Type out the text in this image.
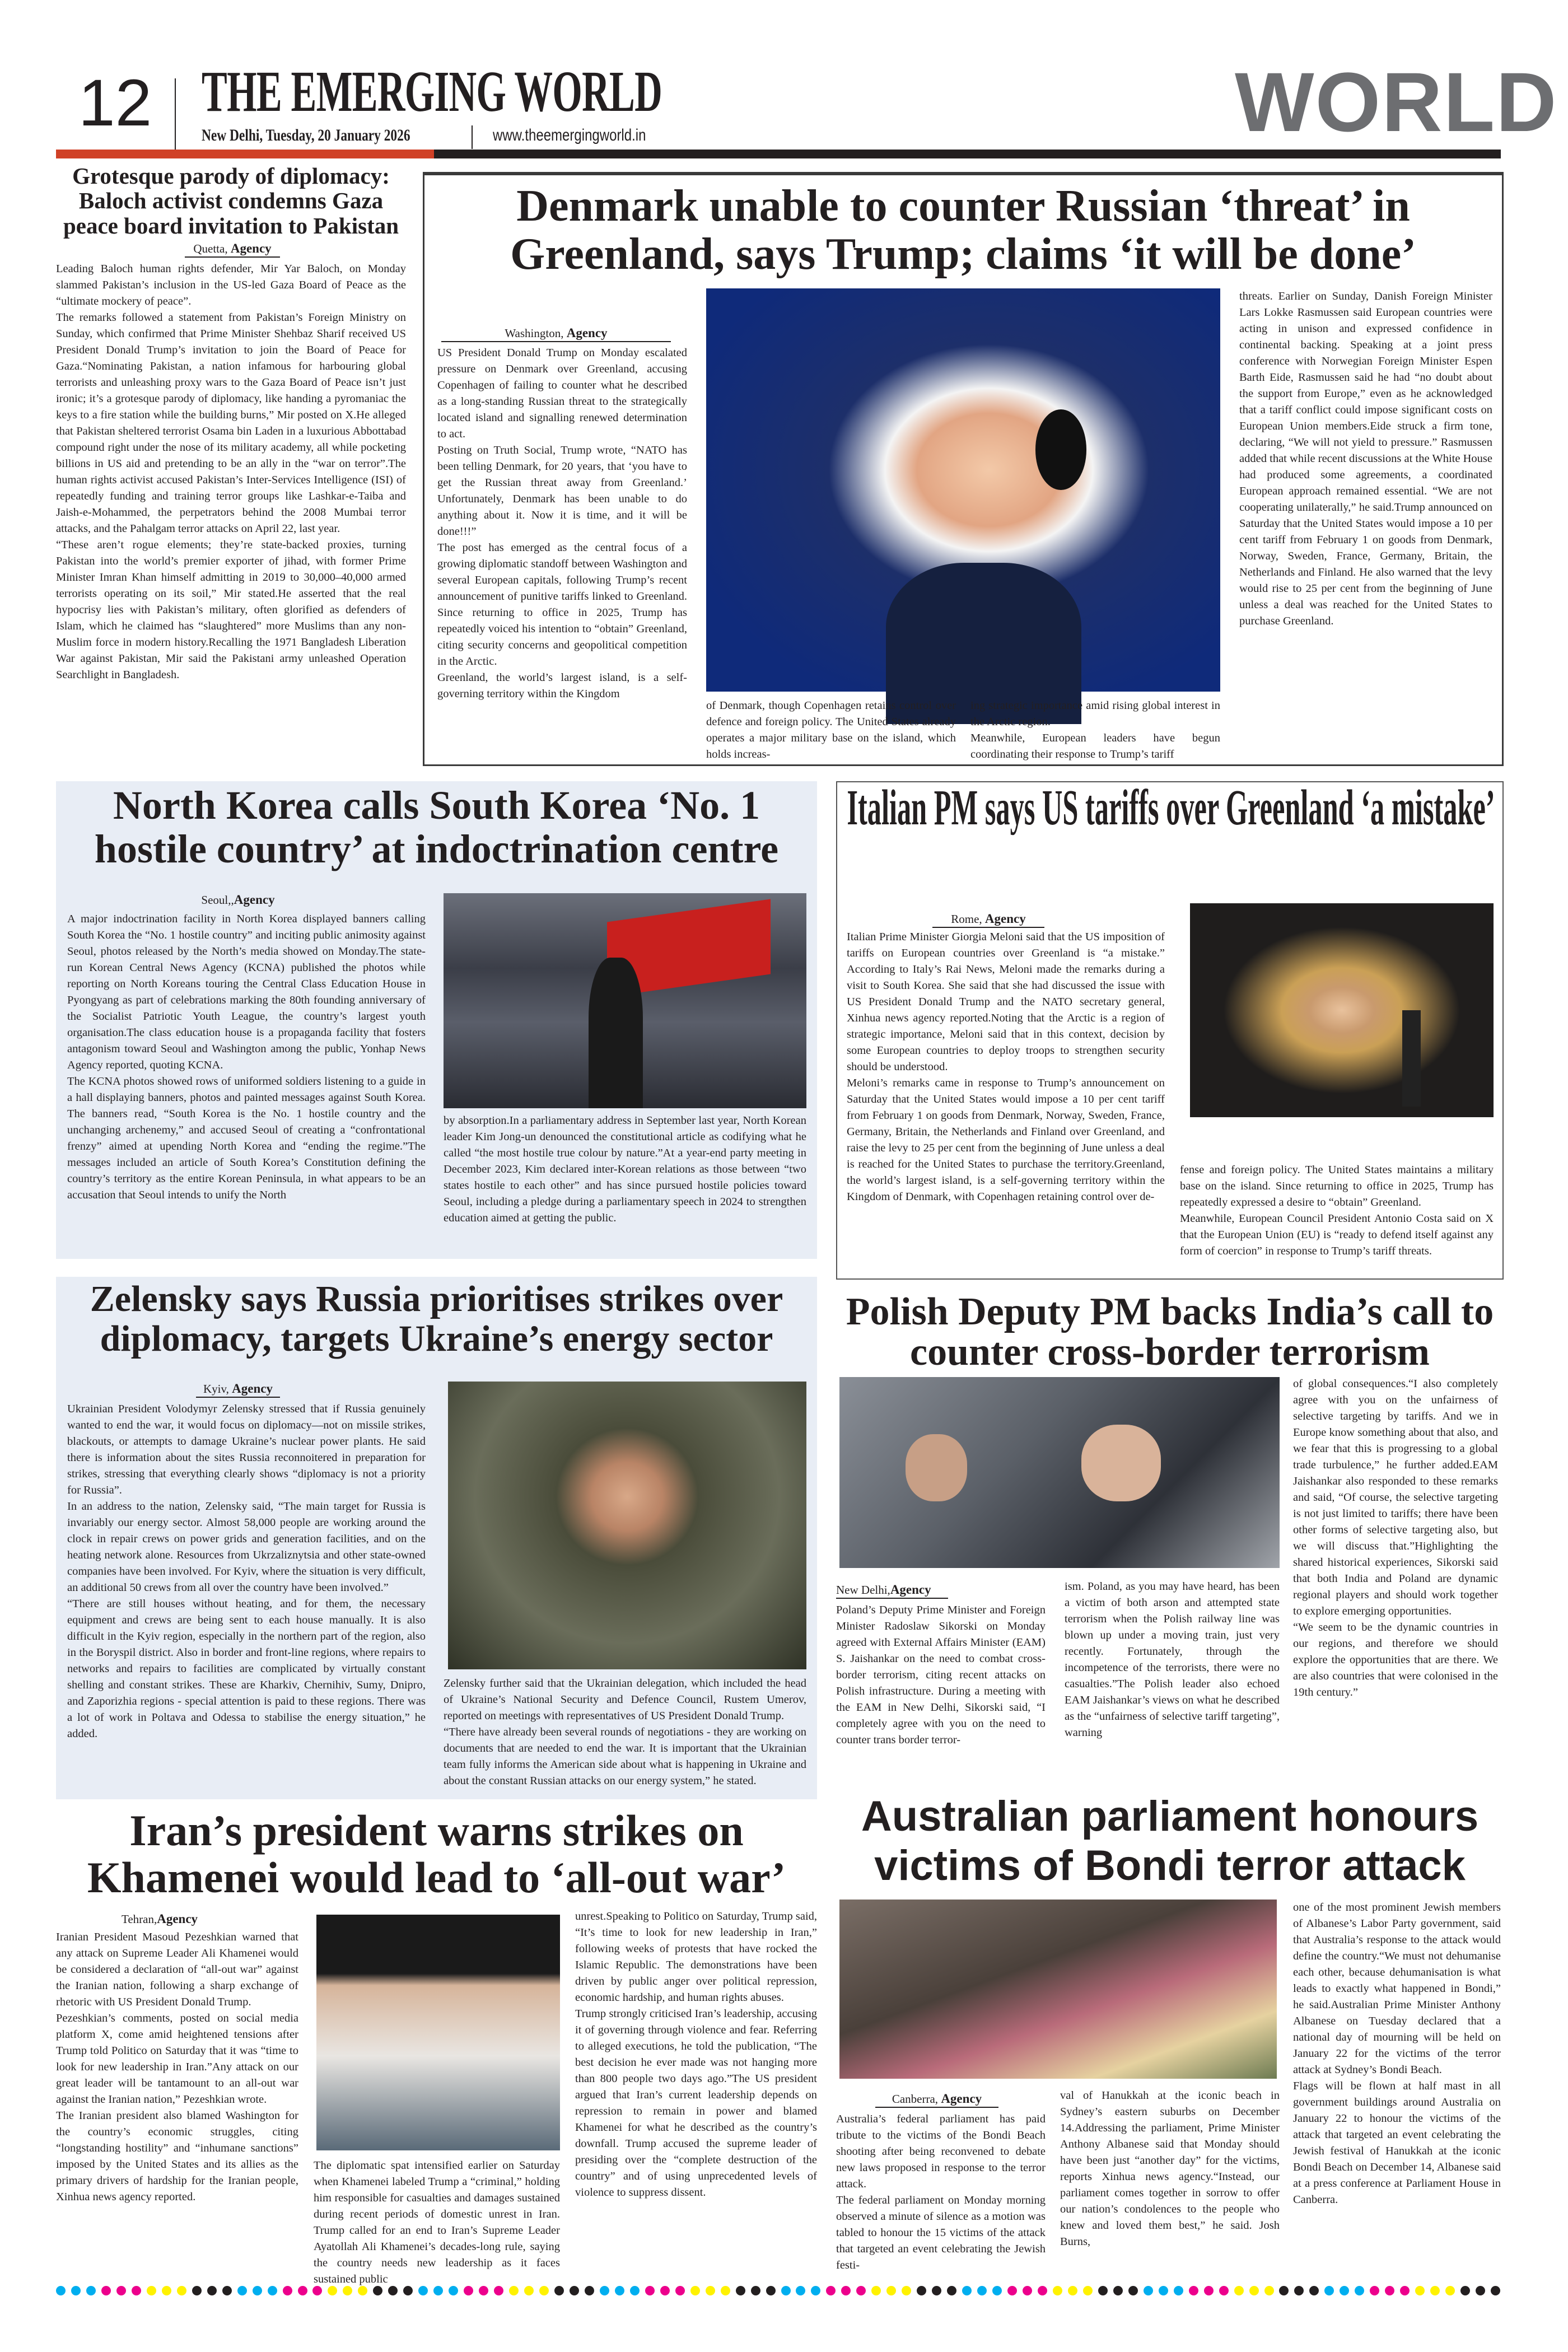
12 THE EMERGING WORLD
New Delhi, Tuesday, 20 January 2026	www.theemergingworld.in	WORLD
Grotesque parody of diplomacy: Baloch activist condemns Gaza peace board invitation to Pakistan
Quetta, Agency
Leading Baloch human rights defender, Mir Yar Baloch, on Monday slammed Pakistan’s inclusion in the US-led Gaza Board of Peace as the “ultimate mockery of peace”.
The remarks followed a statement from Pakistan’s Foreign Ministry on Sunday, which confirmed that Prime Minister Shehbaz Sharif received US President Donald Trump’s invitation to join the Board of Peace for Gaza.“Nominating Pakistan, a nation infamous for harbouring global terrorists and unleashing proxy wars to the Gaza Board of Peace isn’t just ironic; it’s a grotesque parody of diplomacy, like handing a pyromaniac the keys to a fire station while the building burns,” Mir posted on X.He alleged that Pakistan sheltered terrorist Osama bin Laden in a luxurious Abbottabad compound right under the nose of its military academy, all while pocketing billions in US aid and pretending to be an ally in the “war on terror”.The human rights activist accused Pakistan’s Inter-Services Intelligence (ISI) of repeatedly funding and training terror groups like Lashkar-e-Taiba and Jaish-e-Mohammed, the perpetrators behind the 2008 Mumbai terror attacks, and the Pahalgam terror attacks on April 22, last year.
“These aren’t rogue elements; they’re state-backed proxies, turning Pakistan into the world’s premier exporter of jihad, with former Prime Minister Imran Khan himself admitting in 2019 to 30,000–40,000 armed terrorists operating on its soil,” Mir stated.He asserted that the real hypocrisy lies with Pakistan’s military, often glorified as defenders of Islam, which he claimed has “slaughtered” more Muslims than any non-Muslim force in modern history.Recalling the 1971 Bangladesh Liberation War against Pakistan, Mir said the Pakistani army unleashed Operation Searchlight in Bangladesh.
Denmark unable to counter Russian ‘threat’ in Greenland, says Trump; claims ‘it will be done’
Washington, Agency
US President Donald Trump on Monday escalated pressure on Denmark over Greenland, accusing Copenhagen of failing to counter what he described as a long-standing Russian threat to the strategically located island and signalling renewed determination to act.
Posting on Truth Social, Trump wrote, “NATO has been telling Denmark, for 20 years, that ‘you have to get the Russian threat away from Greenland.’ Unfortunately, Denmark has been unable to do anything about it. Now it is time, and it will be done!!!”
The post has emerged as the central focus of a growing diplomatic standoff between Washington and several European capitals, following Trump’s recent announcement of punitive tariffs linked to Greenland. Since returning to office in 2025, Trump has repeatedly voiced his intention to “obtain” Greenland, citing security concerns and geopolitical competition in the Arctic.
Greenland, the world’s largest island, is a self-governing territory within the Kingdom
of Denmark, though Copenhagen retains control over defence and foreign policy. The United States already operates a major military base on the island, which holds increas-
ing strategic importance amid rising global interest in the Arctic region.
Meanwhile, European leaders have begun coordinating their response to Trump’s tariff
threats. Earlier on Sunday, Danish Foreign Minister Lars Lokke Rasmussen said European countries were acting in unison and expressed confidence in continental backing. Speaking at a joint press conference with Norwegian Foreign Minister Espen Barth Eide, Rasmussen said he had “no doubt about the support from Europe,” even as he acknowledged that a tariff conflict could impose significant costs on European Union members.Eide struck a firm tone, declaring, “We will not yield to pressure.” Rasmussen added that while recent discussions at the White House had produced some agreements, a coordinated European approach remained essential. “We are not cooperating unilaterally,” he said.Trump announced on Saturday that the United States would impose a 10 per cent tariff from February 1 on goods from Denmark, Norway, Sweden, France, Germany, Britain, the Netherlands and Finland. He also warned that the levy would rise to 25 per cent from the beginning of June unless a deal was reached for the United States to purchase Greenland.
North Korea calls South Korea ‘No. 1 hostile country’ at indoctrination centre
Seoul,,Agency
A major indoctrination facility in North Korea displayed banners calling South Korea the “No. 1 hostile country” and inciting public animosity against Seoul, photos released by the North’s media showed on Monday.The state-run Korean Central News Agency (KCNA) published the photos while reporting on North Koreans touring the Central Class Education House in Pyongyang as part of celebrations marking the 80th founding anniversary of the Socialist Patriotic Youth League, the country’s largest youth organisation.The class education house is a propaganda facility that fosters antagonism toward Seoul and Washington among the public, Yonhap News Agency reported, quoting KCNA.
The KCNA photos showed rows of uniformed soldiers listening to a guide in a hall displaying banners, photos and painted messages against South Korea. The banners read, “South Korea is the No. 1 hostile country and the unchanging archenemy,” and accused Seoul of creating a “confrontational frenzy” aimed at upending North Korea and “ending the regime.”The messages included an article of South Korea’s Constitution defining the country’s territory as the entire Korean Peninsula, in what appears to be an accusation that Seoul intends to unify the North
by absorption.In a parliamentary address in September last year, North Korean leader Kim Jong-un denounced the constitutional article as codifying what he called “the most hostile true colour by nature.”At a year-end party meeting in December 2023, Kim declared inter-Korean relations as those between “two states hostile to each other” and has since pursued hostile policies toward Seoul, including a pledge during a parliamentary speech in 2024 to strengthen education aimed at getting the public.
Italian PM says US tariffs over Greenland ‘a mistake’
Rome, Agency
Italian Prime Minister Giorgia Meloni said that the US imposition of tariffs on European countries over Greenland is “a mistake.” According to Italy’s Rai News, Meloni made the remarks during a visit to South Korea. She said that she had discussed the issue with US President Donald Trump and the NATO secretary general, Xinhua news agency reported.Noting that the Arctic is a region of strategic importance, Meloni said that in this context, decision by some European countries to deploy troops to strengthen security should be understood.
Meloni’s remarks came in response to Trump’s announcement on Saturday that the United States would impose a 10 per cent tariff from February 1 on goods from Denmark, Norway, Sweden, France, Germany, Britain, the Netherlands and Finland over Greenland, and raise the levy to 25 per cent from the beginning of June unless a deal is reached for the United States to purchase the territory.Greenland, the world’s largest island, is a self-governing territory within the Kingdom of Denmark, with Copenhagen retaining control over de-
fense and foreign policy. The United States maintains a military base on the island. Since returning to office in 2025, Trump has repeatedly expressed a desire to “obtain” Greenland.
Meanwhile, European Council President Antonio Costa said on X that the European Union (EU) is “ready to defend itself against any form of coercion” in response to Trump’s tariff threats.
Zelensky says Russia prioritises strikes over diplomacy, targets Ukraine’s energy sector
Kyiv, Agency
Ukrainian President Volodymyr Zelensky stressed that if Russia genuinely wanted to end the war, it would focus on diplomacy—not on missile strikes, blackouts, or attempts to damage Ukraine’s nuclear power plants. He said there is information about the sites Russia reconnoitered in preparation for strikes, stressing that everything clearly shows “diplomacy is not a priority for Russia”.
In an address to the nation, Zelensky said, “The main target for Russia is invariably our energy sector. Almost 58,000 people are working around the clock in repair crews on power grids and generation facilities, and on the heating network alone. Resources from Ukrzaliznytsia and other state-owned companies have been involved. For Kyiv, where the situation is very difficult, an additional 50 crews from all over the country have been involved.”
“There are still houses without heating, and for them, the necessary equipment and crews are being sent to each house manually. It is also difficult in the Kyiv region, especially in the northern part of the region, also in the Boryspil district. Also in border and front-line regions, where repairs to networks and repairs to facilities are complicated by virtually constant shelling and constant strikes. These are Kharkiv, Chernihiv, Sumy, Dnipro, and Zaporizhia regions - special attention is paid to these regions. There was a lot of work in Poltava and Odessa to stabilise the energy situation,” he added.
Zelensky further said that the Ukrainian delegation, which included the head of Ukraine’s National Security and Defence Council, Rustem Umerov, reported on meetings with representatives of US President Donald Trump.
“There have already been several rounds of negotiations - they are working on documents that are needed to end the war. It is important that the Ukrainian team fully informs the American side about what is happening in Ukraine and about the constant Russian attacks on our energy system,” he stated.
Polish Deputy PM backs India’s call to counter cross-border terrorism
New Delhi,Agency
Poland’s Deputy Prime Minister and Foreign Minister Radoslaw Sikorski on Monday agreed with External Affairs Minister (EAM) S. Jaishankar on the need to combat cross-border terrorism, citing recent attacks on Polish infrastructure. During a meeting with the EAM in New Delhi, Sikorski said, “I completely agree with you on the need to counter trans border terror-
ism. Poland, as you may have heard, has been a victim of both arson and attempted state terrorism when the Polish railway line was blown up under a moving train, just very recently. Fortunately, through the incompetence of the terrorists, there were no casualties.”The Polish leader also echoed EAM Jaishankar’s views on what he described as the “unfairness of selective tariff targeting”, warning
of global consequences.“I also completely agree with you on the unfairness of selective targeting by tariffs. And we in Europe know something about that also, and we fear that this is progressing to a global trade turbulence,” he further added.EAM Jaishankar also responded to these remarks and said, “Of course, the selective targeting is not just limited to tariffs; there have been other forms of selective targeting also, but we will discuss that.”Highlighting the shared historical experiences, Sikorski said that both India and Poland are dynamic regional players and should work together to explore emerging opportunities.
“We seem to be the dynamic countries in our regions, and therefore we should explore the opportunities that are there. We are also countries that were colonised in the 19th century.”
Iran’s president warns strikes on Khamenei would lead to ‘all-out war’
Tehran,Agency
Iranian President Masoud Pezeshkian warned that any attack on Supreme Leader Ali Khamenei would be considered a declaration of “all-out war” against the Iranian nation, following a sharp exchange of rhetoric with US President Donald Trump.
Pezeshkian’s comments, posted on social media platform X, come amid heightened tensions after Trump told Politico on Saturday that it was “time to look for new leadership in Iran.”Any attack on our great leader will be tantamount to an all-out war against the Iranian nation,” Pezeshkian wrote.
The Iranian president also blamed Washington for the country’s economic struggles, citing “longstanding hostility” and “inhumane sanctions” imposed by the United States and its allies as the primary drivers of hardship for the Iranian people, Xinhua news agency reported.
The diplomatic spat intensified earlier on Saturday when Khamenei labeled Trump a “criminal,” holding him responsible for casualties and damages sustained during recent periods of domestic unrest in Iran. Trump called for an end to Iran’s Supreme Leader Ayatollah Ali Khamenei’s decades-long rule, saying the country needs new leadership as it faces sustained public
unrest.Speaking to Politico on Saturday, Trump said, “It’s time to look for new leadership in Iran,” following weeks of protests that have rocked the Islamic Republic. The demonstrations have been driven by public anger over political repression, economic hardship, and human rights abuses.
Trump strongly criticised Iran’s leadership, accusing it of governing through violence and fear. Referring to alleged executions, he told the publication, “The best decision he ever made was not hanging more than 800 people two days ago.”The US president argued that Iran’s current leadership depends on repression to remain in power and blamed Khamenei for what he described as the country’s downfall. Trump accused the supreme leader of presiding over the “complete destruction of the country” and of using unprecedented levels of violence to suppress dissent.
Australian parliament honours victims of Bondi terror attack
Canberra, Agency
Australia’s federal parliament has paid tribute to the victims of the Bondi Beach shooting after being reconvened to debate new laws proposed in response to the terror attack.
The federal parliament on Monday morning observed a minute of silence as a motion was tabled to honour the 15 victims of the attack that targeted an event celebrating the Jewish festi-
val of Hanukkah at the iconic beach in Sydney’s eastern suburbs on December 14.Addressing the parliament, Prime Minister Anthony Albanese said that Monday should have been just “another day” for the victims, reports Xinhua news agency.“Instead, our parliament comes together in sorrow to offer our nation’s condolences to the people who knew and loved them best,” he said. Josh Burns,
one of the most prominent Jewish members of Albanese’s Labor Party government, said that Australia’s response to the attack would define the country.“We must not dehumanise each other, because dehumanisation is what leads to exactly what happened in Bondi,” he said.Australian Prime Minister Anthony Albanese on Tuesday declared that a national day of mourning will be held on January 22 for the victims of the terror attack at Sydney’s Bondi Beach.
Flags will be flown at half mast in all government buildings around Australia on January 22 to honour the victims of the attack that targeted an event celebrating the Jewish festival of Hanukkah at the iconic Bondi Beach on December 14, Albanese said at a press conference at Parliament House in Canberra.
